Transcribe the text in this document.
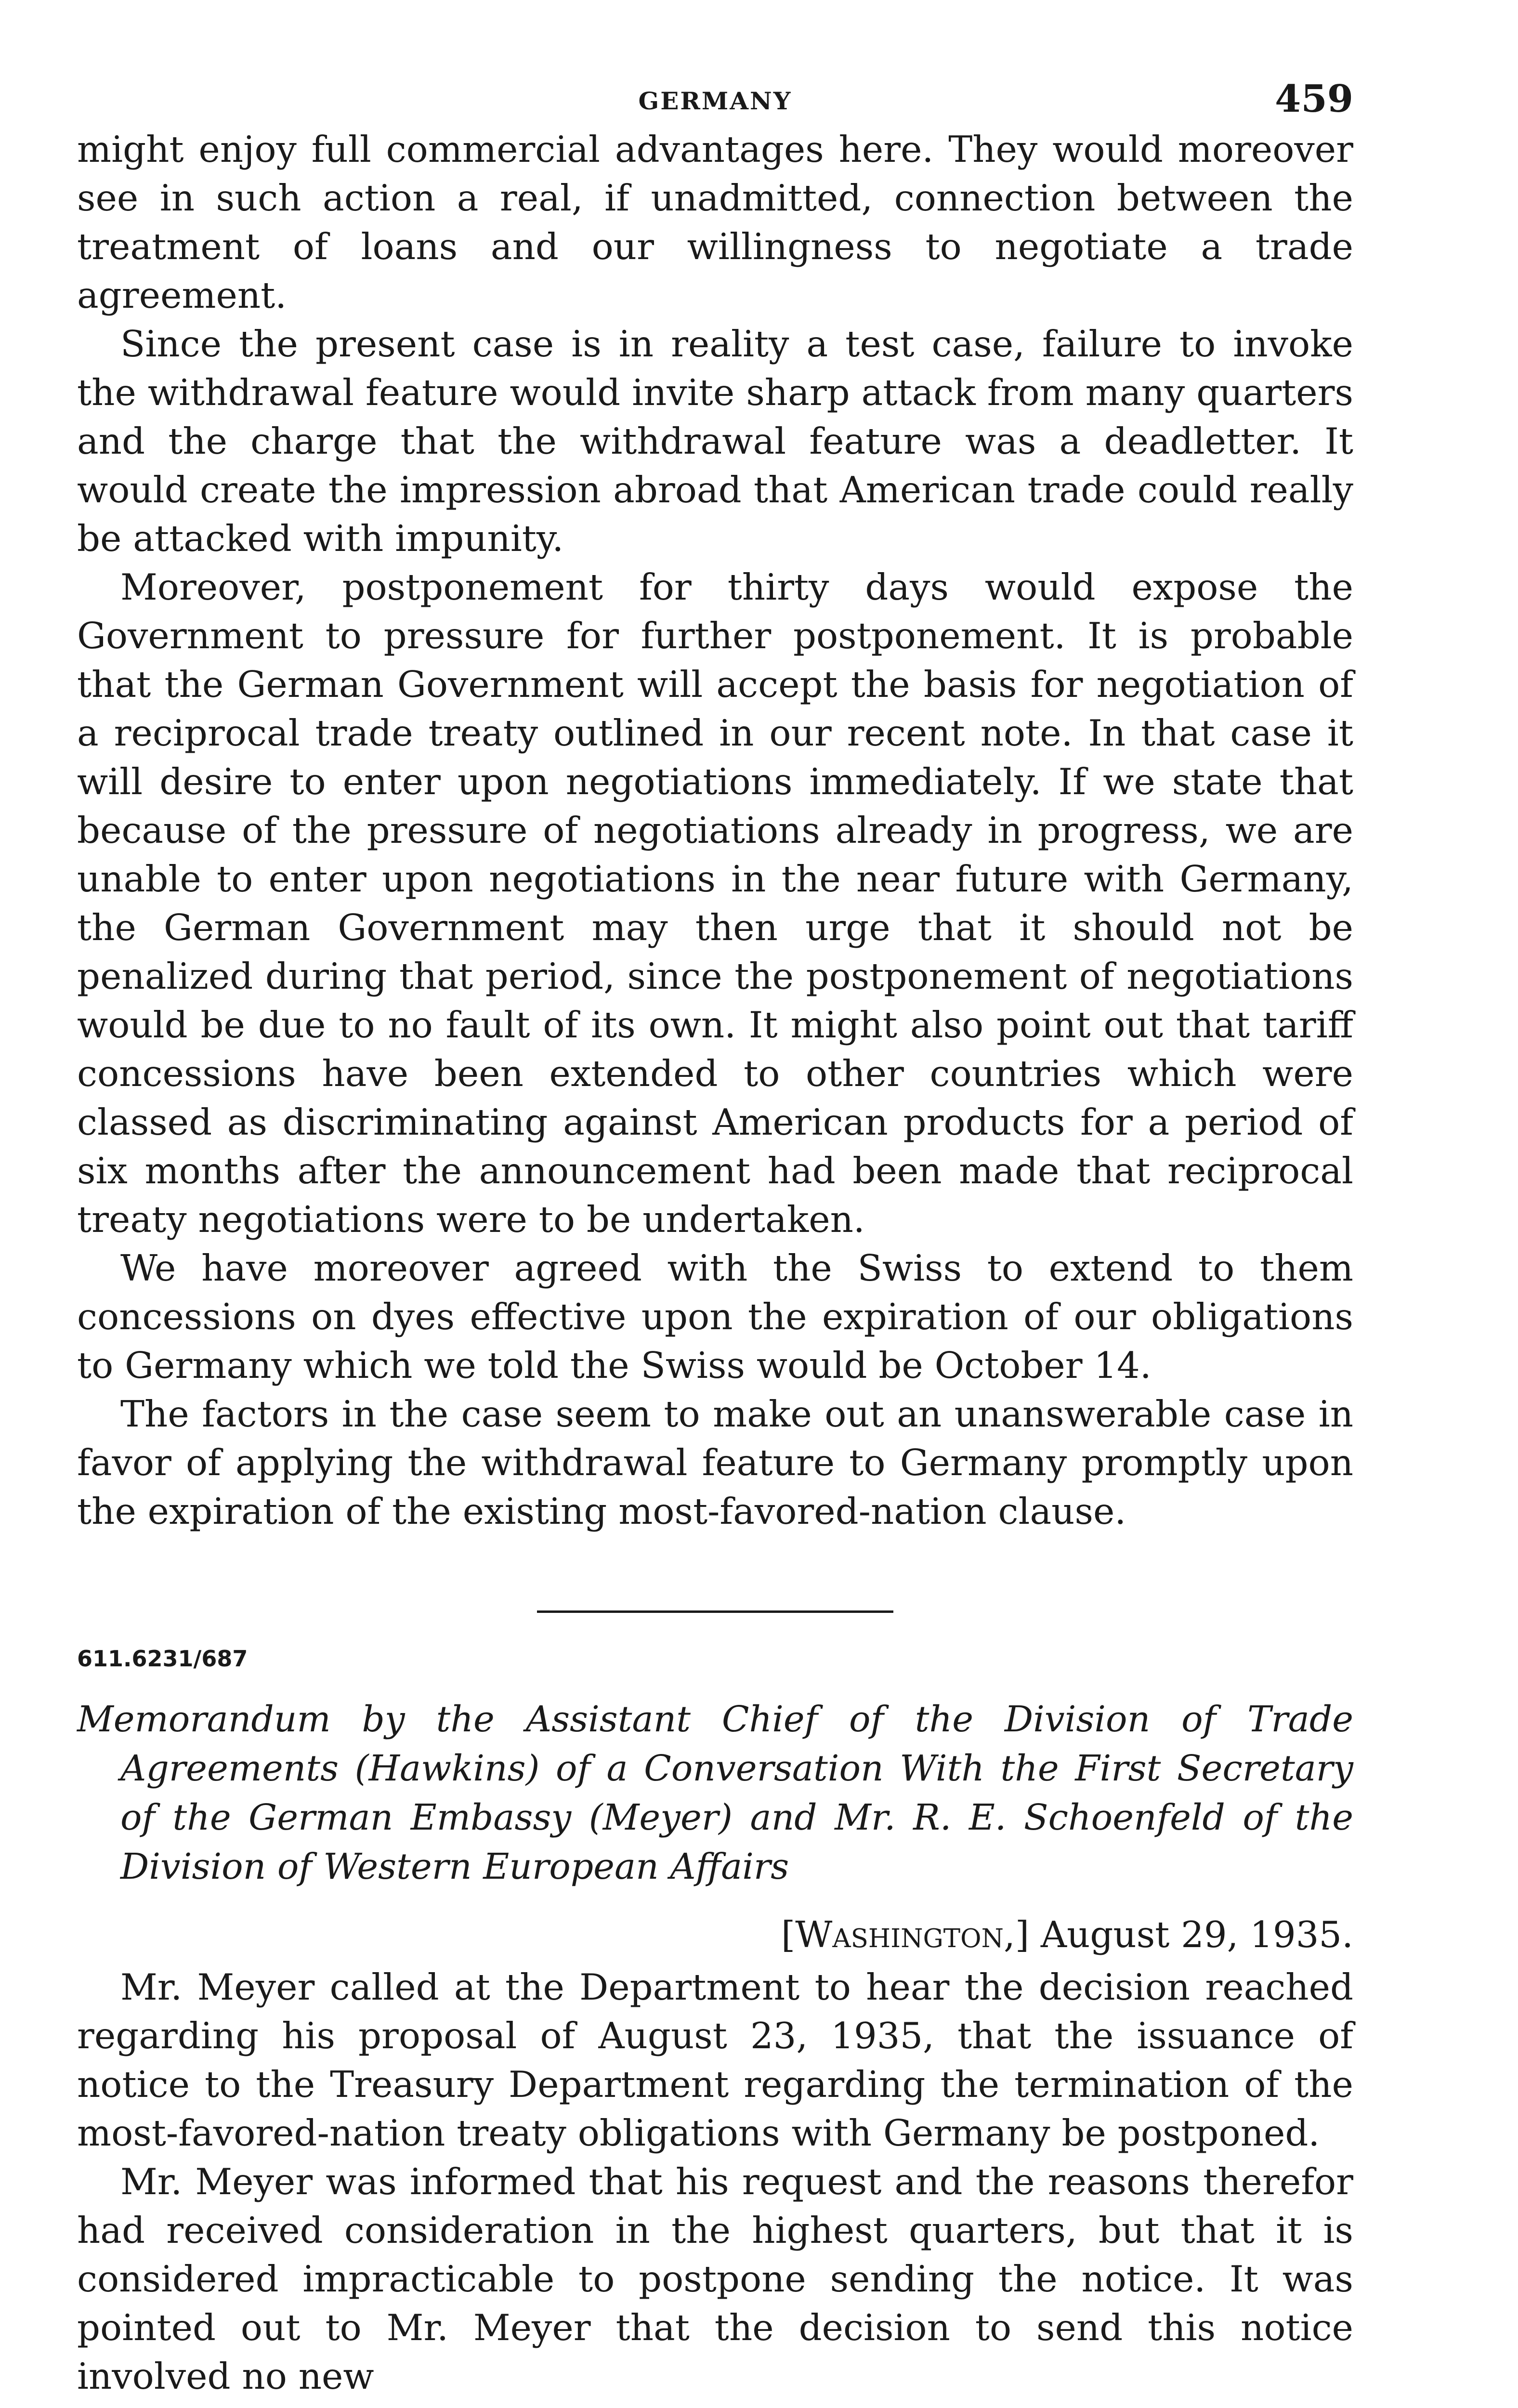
GERMANY	459

might enjoy full commercial advantages here. They would moreover see in such action a real, if unadmitted, connection between the treatment of loans and our willingness to negotiate a trade agreement.

Since the present case is in reality a test case, failure to invoke the withdrawal feature would invite sharp attack from many quarters and the charge that the withdrawal feature was a deadletter. It would create the impression abroad that American trade could really be attacked with impunity.

Moreover, postponement for thirty days would expose the Government to pressure for further postponement. It is probable that the German Government will accept the basis for negotiation of a reciprocal trade treaty outlined in our recent note. In that case it will desire to enter upon negotiations immediately. If we state that because of the pressure of negotiations already in progress, we are unable to enter upon negotiations in the near future with Germany, the German Government may then urge that it should not be penalized during that period, since the postponement of negotiations would be due to no fault of its own. It might also point out that tariff concessions have been extended to other countries which were classed as discriminating against American products for a period of six months after the announcement had been made that reciprocal treaty negotiations were to be undertaken.

We have moreover agreed with the Swiss to extend to them concessions on dyes effective upon the expiration of our obligations to Germany which we told the Swiss would be October 14.

The factors in the case seem to make out an unanswerable case in favor of applying the withdrawal feature to Germany promptly upon the expiration of the existing most-favored-nation clause.

611.6231/687
Memorandum by the Assistant Chief of the Division of Trade Agreements (Hawkins) of a Conversation With the First Secretary of the German Embassy (Meyer) and Mr. R. E. Schoenfeld of the Division of Western European Affairs
[Washington,] August 29, 1935.

Mr. Meyer called at the Department to hear the decision reached regarding his proposal of August 23, 1935, that the issuance of notice to the Treasury Department regarding the termination of the most-favored-nation treaty obligations with Germany be postponed.

Mr. Meyer was informed that his request and the reasons therefor had received consideration in the highest quarters, but that it is considered impracticable to postpone sending the notice. It was pointed out to Mr. Meyer that the decision to send this notice involved no new
